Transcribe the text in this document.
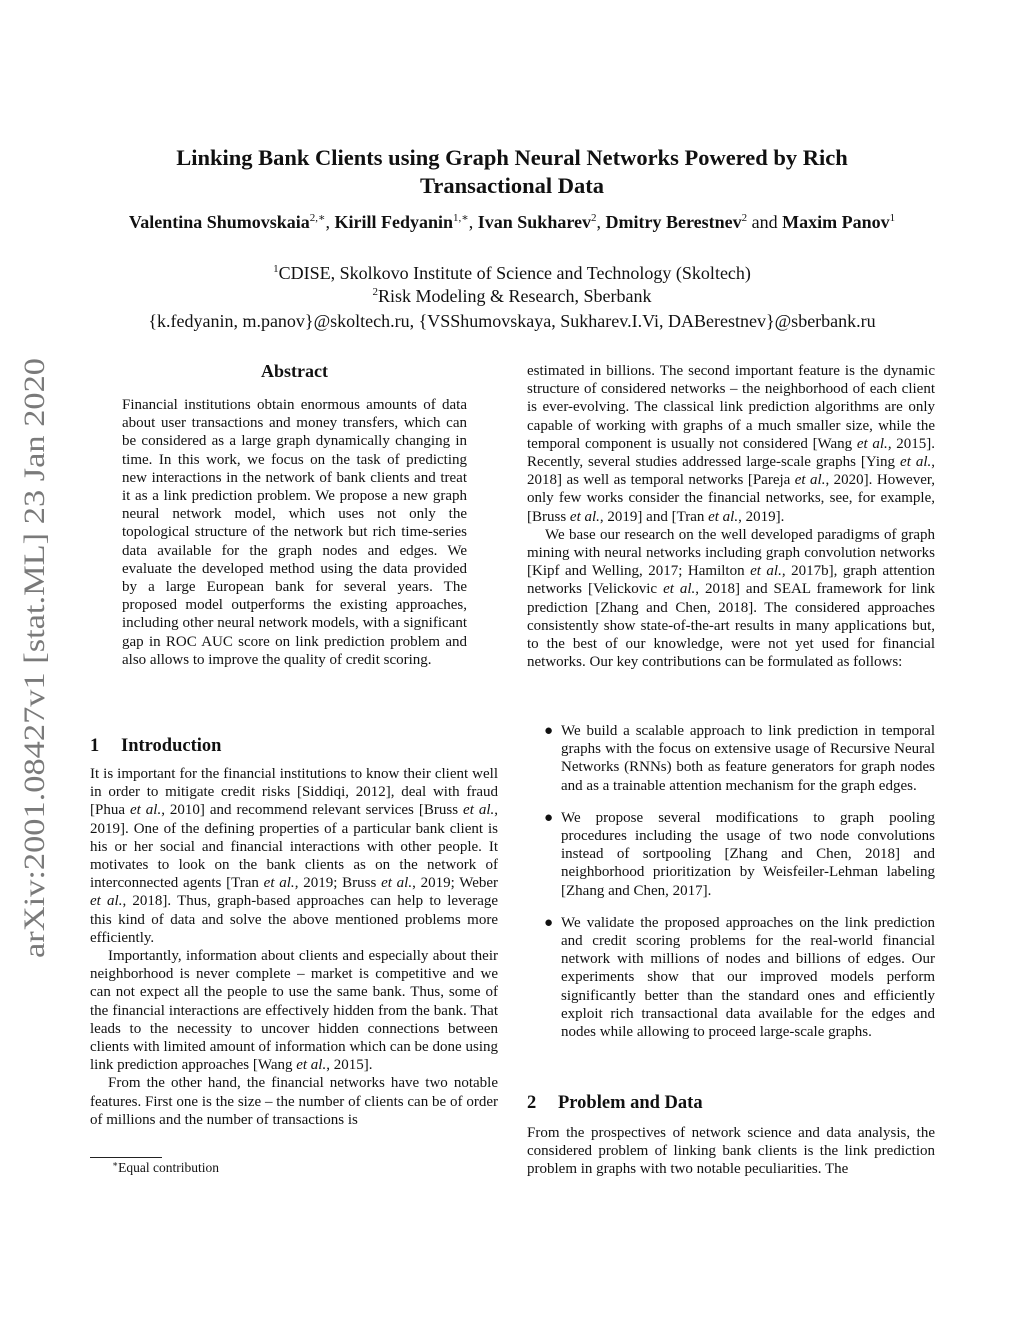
arXiv:2001.08427v1 [stat.ML] 23 Jan 2020
Linking Bank Clients using Graph Neural Networks Powered by Rich
Transactional Data
Valentina Shumovskaia$^{2,∗}$, Kirill Fedyanin$^{1,∗}$, Ivan Sukharev$^2$, Dmitry Berestnev$^2$ and Maxim Panov$^1$
$^1$CDISE, Skolkovo Institute of Science and Technology (Skoltech)
$^2$Risk Modeling & Research, Sberbank
{k.fedyanin, m.panov}@skoltech.ru, {VSShumovskaya, Sukharev.I.Vi, DABerestnev}@sberbank.ru
Abstract

Financial institutions obtain enormous amounts of data about user transactions and money transfers, which can be considered as a large graph dynamically changing in time. In this work, we focus on the task of predicting new interactions in the network of bank clients and treat it as a link prediction problem. We propose a new graph neural network model, which uses not only the topological structure of the network but rich time-series data available for the graph nodes and edges. We evaluate the developed method using the data provided by a large European bank for several years. The proposed model outperforms the existing approaches, including other neural network models, with a significant gap in ROC AUC score on link prediction problem and also allows to improve the quality of credit scoring.

1 Introduction

It is important for the financial institutions to know their client well in order to mitigate credit risks [Siddiqi, 2012], deal with fraud [Phua et al., 2010] and recommend relevant services [Bruss et al., 2019]. One of the defining properties of a particular bank client is his or her social and financial interactions with other people. It motivates to look on the bank clients as on the network of interconnected agents [Tran et al., 2019; Bruss et al., 2019; Weber et al., 2018]. Thus, graph-based approaches can help to leverage this kind of data and solve the above mentioned problems more efficiently.

Importantly, information about clients and especially about their neighborhood is never complete – market is competitive and we can not expect all the people to use the same bank. Thus, some of the financial interactions are effectively hidden from the bank. That leads to the necessity to uncover hidden connections between clients with limited amount of information which can be done using link prediction approaches [Wang et al., 2015].

From the other hand, the financial networks have two notable features. First one is the size – the number of clients can be of order of millions and the number of transactions is

∗Equal contribution

estimated in billions. The second important feature is the dynamic structure of considered networks – the neighborhood of each client is ever-evolving. The classical link prediction algorithms are only capable of working with graphs of a much smaller size, while the temporal component is usually not considered [Wang et al., 2015]. Recently, several studies addressed large-scale graphs [Ying et al., 2018] as well as temporal networks [Pareja et al., 2020]. However, only few works consider the financial networks, see, for example, [Bruss et al., 2019] and [Tran et al., 2019].

We base our research on the well developed paradigms of graph mining with neural networks including graph convolution networks [Kipf and Welling, 2017; Hamilton et al., 2017b], graph attention networks [Velickovic et al., 2018] and SEAL framework for link prediction [Zhang and Chen, 2018]. The considered approaches consistently show state-of-the-art results in many applications but, to the best of our knowledge, were not yet used for financial networks. Our key contributions can be formulated as follows:

● We build a scalable approach to link prediction in temporal graphs with the focus on extensive usage of Recursive Neural Networks (RNNs) both as feature generators for graph nodes and as a trainable attention mechanism for the graph edges.

● We propose several modifications to graph pooling procedures including the usage of two node convolutions instead of sortpooling [Zhang and Chen, 2018] and neighborhood prioritization by Weisfeiler-Lehman labeling [Zhang and Chen, 2017].

● We validate the proposed approaches on the link prediction and credit scoring problems for the real-world financial network with millions of nodes and billions of edges. Our experiments show that our improved models perform significantly better than the standard ones and efficiently exploit rich transactional data available for the edges and nodes while allowing to proceed large-scale graphs.

2 Problem and Data

From the prospectives of network science and data analysis, the considered problem of linking bank clients is the link prediction problem in graphs with two notable peculiarities. The
